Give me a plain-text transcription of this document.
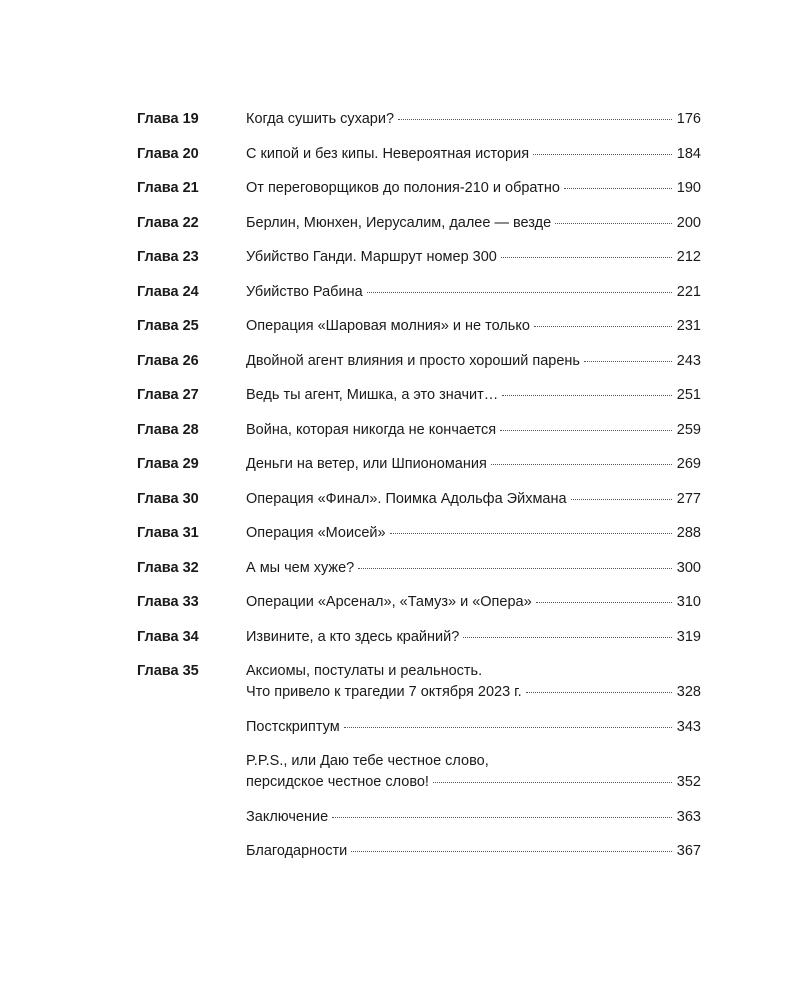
Глава 19	Когда сушить сухари?	176
Глава 20	С кипой и без кипы. Невероятная история	184
Глава 21	От переговорщиков до полония-210 и обратно	190
Глава 22	Берлин, Мюнхен, Иерусалим, далее — везде	200
Глава 23	Убийство Ганди. Маршрут номер 300	212
Глава 24	Убийство Рабина	221
Глава 25	Операция «Шаровая молния» и не только	231
Глава 26	Двойной агент влияния и просто хороший парень	243
Глава 27	Ведь ты агент, Мишка, а это значит…	251
Глава 28	Война, которая никогда не кончается	259
Глава 29	Деньги на ветер, или Шпиономания	269
Глава 30	Операция «Финал». Поимка Адольфа Эйхмана	277
Глава 31	Операция «Моисей»	288
Глава 32	А мы чем хуже?	300
Глава 33	Операции «Арсенал», «Тамуз» и «Опера»	310
Глава 34	Извините, а кто здесь крайний?	319
Глава 35	Аксиомы, постулаты и реальность.
Что привело к трагедии 7 октября 2023 г.	328
Постскриптум	343
P.P.S., или Даю тебе честное слово,
персидское честное слово!	352
Заключение	363
Благодарности	367
